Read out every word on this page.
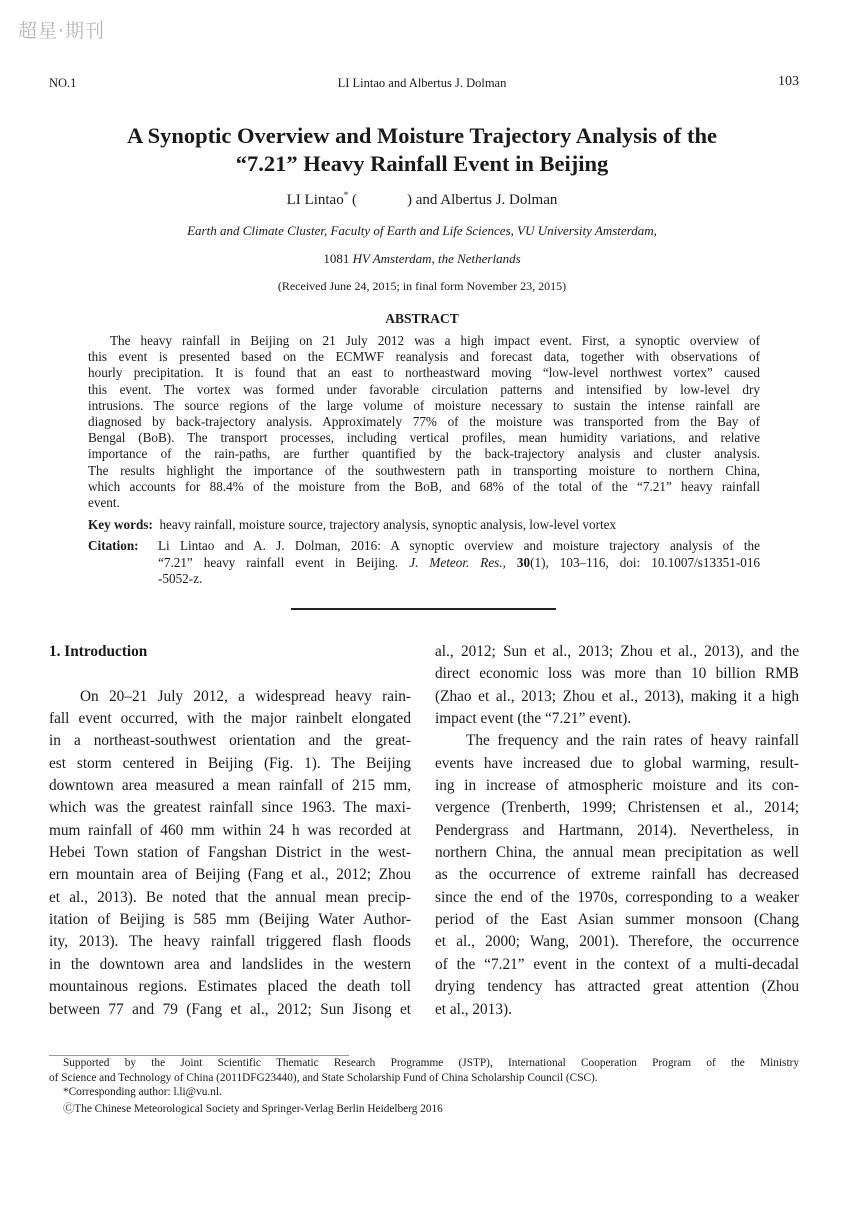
超星·期刊
NO.1	LI Lintao and Albertus J. Dolman	103
A Synoptic Overview and Moisture Trajectory Analysis of the
“7.21” Heavy Rainfall Event in Beijing
LI Lintao* (	) and Albertus J. Dolman
Earth and Climate Cluster, Faculty of Earth and Life Sciences, VU University Amsterdam,
1081 HV Amsterdam, the Netherlands
(Received June 24, 2015; in final form November 23, 2015)
ABSTRACT
The heavy rainfall in Beijing on 21 July 2012 was a high impact event. First, a synoptic overview of
this event is presented based on the ECMWF reanalysis and forecast data, together with observations of
hourly precipitation. It is found that an east to northeastward moving “low-level northwest vortex” caused
this event. The vortex was formed under favorable circulation patterns and intensified by low-level dry
intrusions. The source regions of the large volume of moisture necessary to sustain the intense rainfall are
diagnosed by back-trajectory analysis. Approximately 77% of the moisture was transported from the Bay of
Bengal (BoB). The transport processes, including vertical profiles, mean humidity variations, and relative
importance of the rain-paths, are further quantified by the back-trajectory analysis and cluster analysis.
The results highlight the importance of the southwestern path in transporting moisture to northern China,
which accounts for 88.4% of the moisture from the BoB, and 68% of the total of the “7.21” heavy rainfall
event.
Key words: heavy rainfall, moisture source, trajectory analysis, synoptic analysis, low-level vortex
Citation: Li Lintao and A. J. Dolman, 2016: A synoptic overview and moisture trajectory analysis of the
“7.21” heavy rainfall event in Beijing. J. Meteor. Res., 30(1), 103–116, doi: 10.1007/s13351-016
-5052-z.
1. Introduction
On 20–21 July 2012, a widespread heavy rain-
fall event occurred, with the major rainbelt elongated
in a northeast-southwest orientation and the great-
est storm centered in Beijing (Fig. 1). The Beijing
downtown area measured a mean rainfall of 215 mm,
which was the greatest rainfall since 1963. The maxi-
mum rainfall of 460 mm within 24 h was recorded at
Hebei Town station of Fangshan District in the west-
ern mountain area of Beijing (Fang et al., 2012; Zhou
et al., 2013). Be noted that the annual mean precip-
itation of Beijing is 585 mm (Beijing Water Author-
ity, 2013). The heavy rainfall triggered flash floods
in the downtown area and landslides in the western
mountainous regions. Estimates placed the death toll
between 77 and 79 (Fang et al., 2012; Sun Jisong et
al., 2012; Sun et al., 2013; Zhou et al., 2013), and the
direct economic loss was more than 10 billion RMB
(Zhao et al., 2013; Zhou et al., 2013), making it a high
impact event (the “7.21” event).
The frequency and the rain rates of heavy rainfall
events have increased due to global warming, result-
ing in increase of atmospheric moisture and its con-
vergence (Trenberth, 1999; Christensen et al., 2014;
Pendergrass and Hartmann, 2014). Nevertheless, in
northern China, the annual mean precipitation as well
as the occurrence of extreme rainfall has decreased
since the end of the 1970s, corresponding to a weaker
period of the East Asian summer monsoon (Chang
et al., 2000; Wang, 2001). Therefore, the occurrence
of the “7.21” event in the context of a multi-decadal
drying tendency has attracted great attention (Zhou
et al., 2013).
Supported by the Joint Scientific Thematic Research Programme (JSTP), International Cooperation Program of the Ministry
of Science and Technology of China (2011DFG23440), and State Scholarship Fund of China Scholarship Council (CSC).
*Corresponding author: l.li@vu.nl.
ⒸThe Chinese Meteorological Society and Springer-Verlag Berlin Heidelberg 2016
